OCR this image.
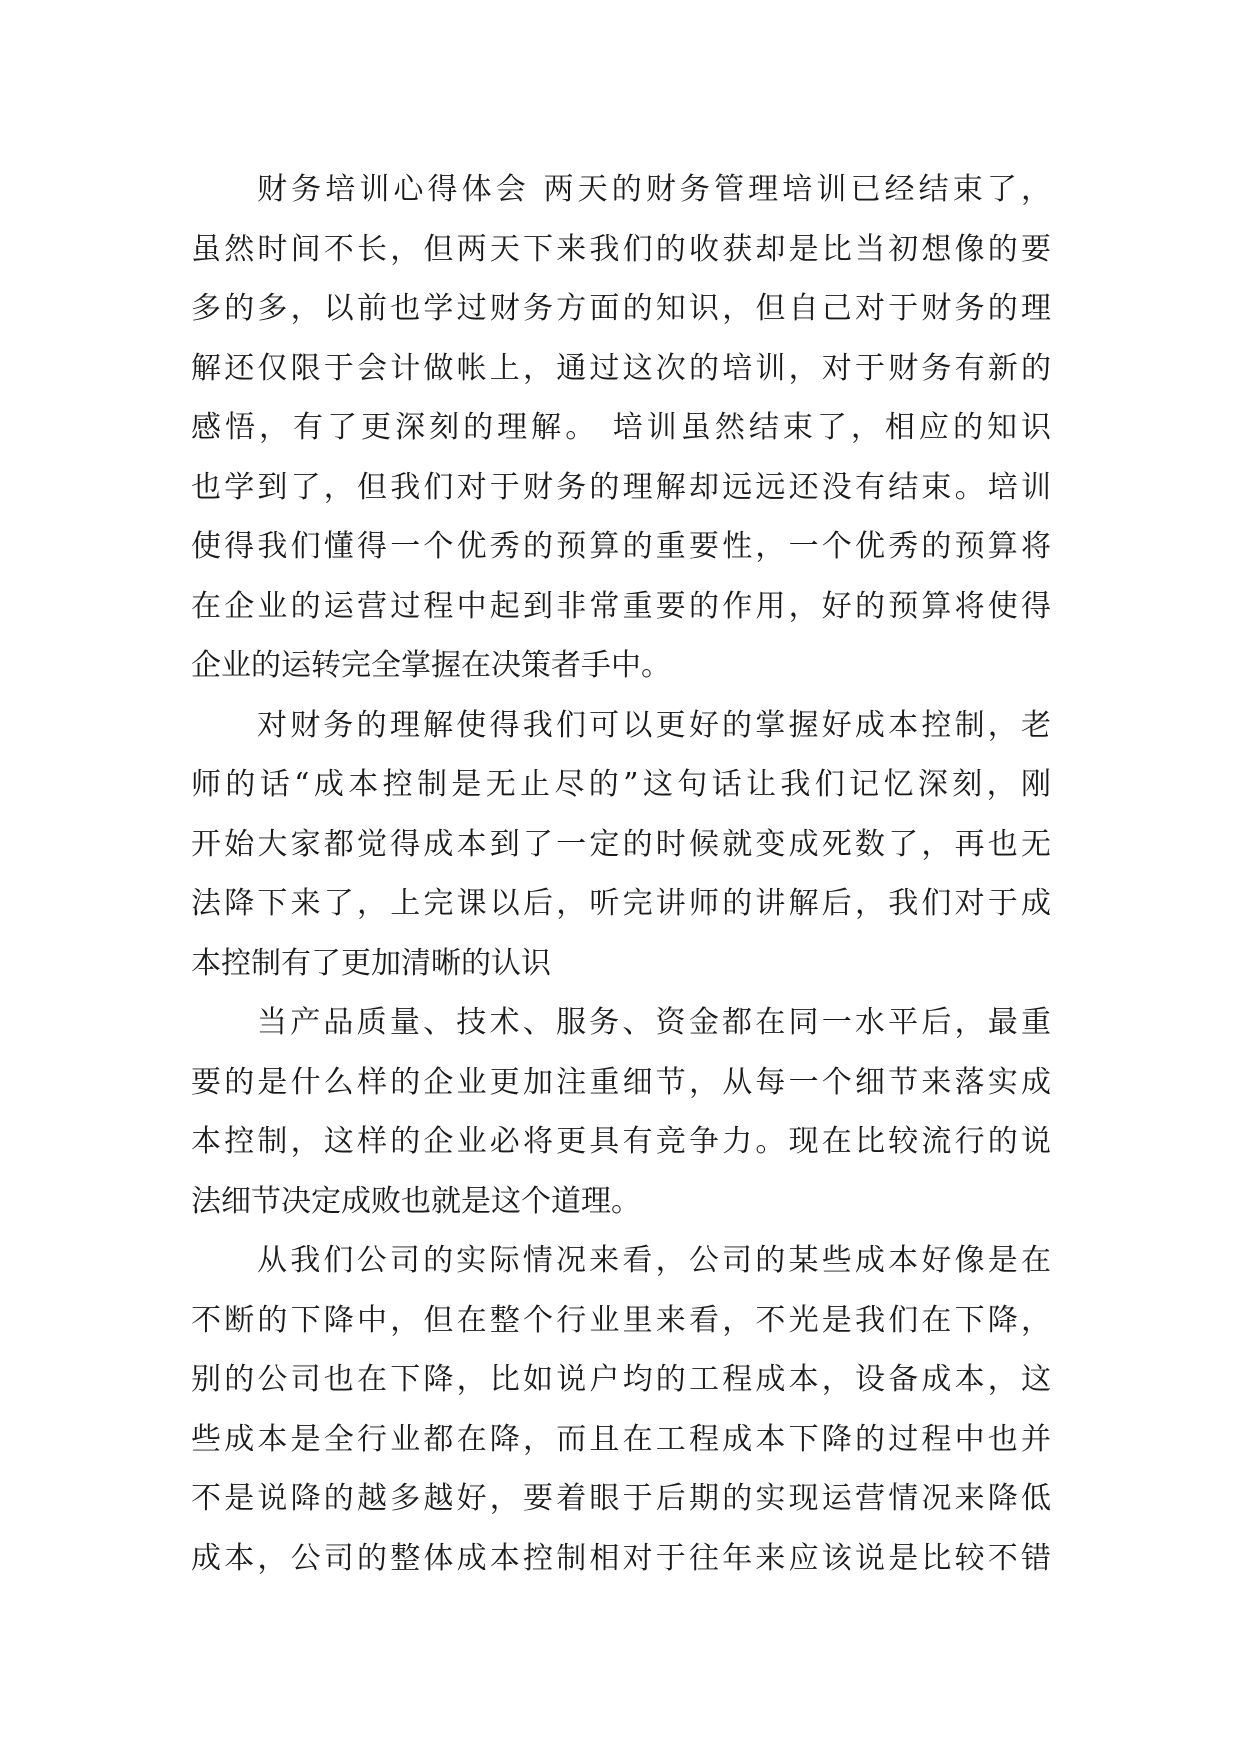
财务培训心得体会 两天的财务管理培训已经结束了，
虽然时间不长，但两天下来我们的收获却是比当初想像的要
多的多，以前也学过财务方面的知识，但自己对于财务的理
解还仅限于会计做帐上，通过这次的培训，对于财务有新的
感悟，有了更深刻的理解。 培训虽然结束了，相应的知识
也学到了，但我们对于财务的理解却远远还没有结束。培训
使得我们懂得一个优秀的预算的重要性，一个优秀的预算将
在企业的运营过程中起到非常重要的作用，好的预算将使得
企业的运转完全掌握在决策者手中。
对财务的理解使得我们可以更好的掌握好成本控制，老
师的话“成本控制是无止尽的”这句话让我们记忆深刻，刚
开始大家都觉得成本到了一定的时候就变成死数了，再也无
法降下来了，上完课以后，听完讲师的讲解后，我们对于成
本控制有了更加清晰的认识
当产品质量、技术、服务、资金都在同一水平后，最重
要的是什么样的企业更加注重细节，从每一个细节来落实成
本控制，这样的企业必将更具有竞争力。现在比较流行的说
法细节决定成败也就是这个道理。
从我们公司的实际情况来看，公司的某些成本好像是在
不断的下降中，但在整个行业里来看，不光是我们在下降，
别的公司也在下降，比如说户均的工程成本，设备成本，这
些成本是全行业都在降，而且在工程成本下降的过程中也并
不是说降的越多越好，要着眼于后期的实现运营情况来降低
成本，公司的整体成本控制相对于往年来应该说是比较不错
